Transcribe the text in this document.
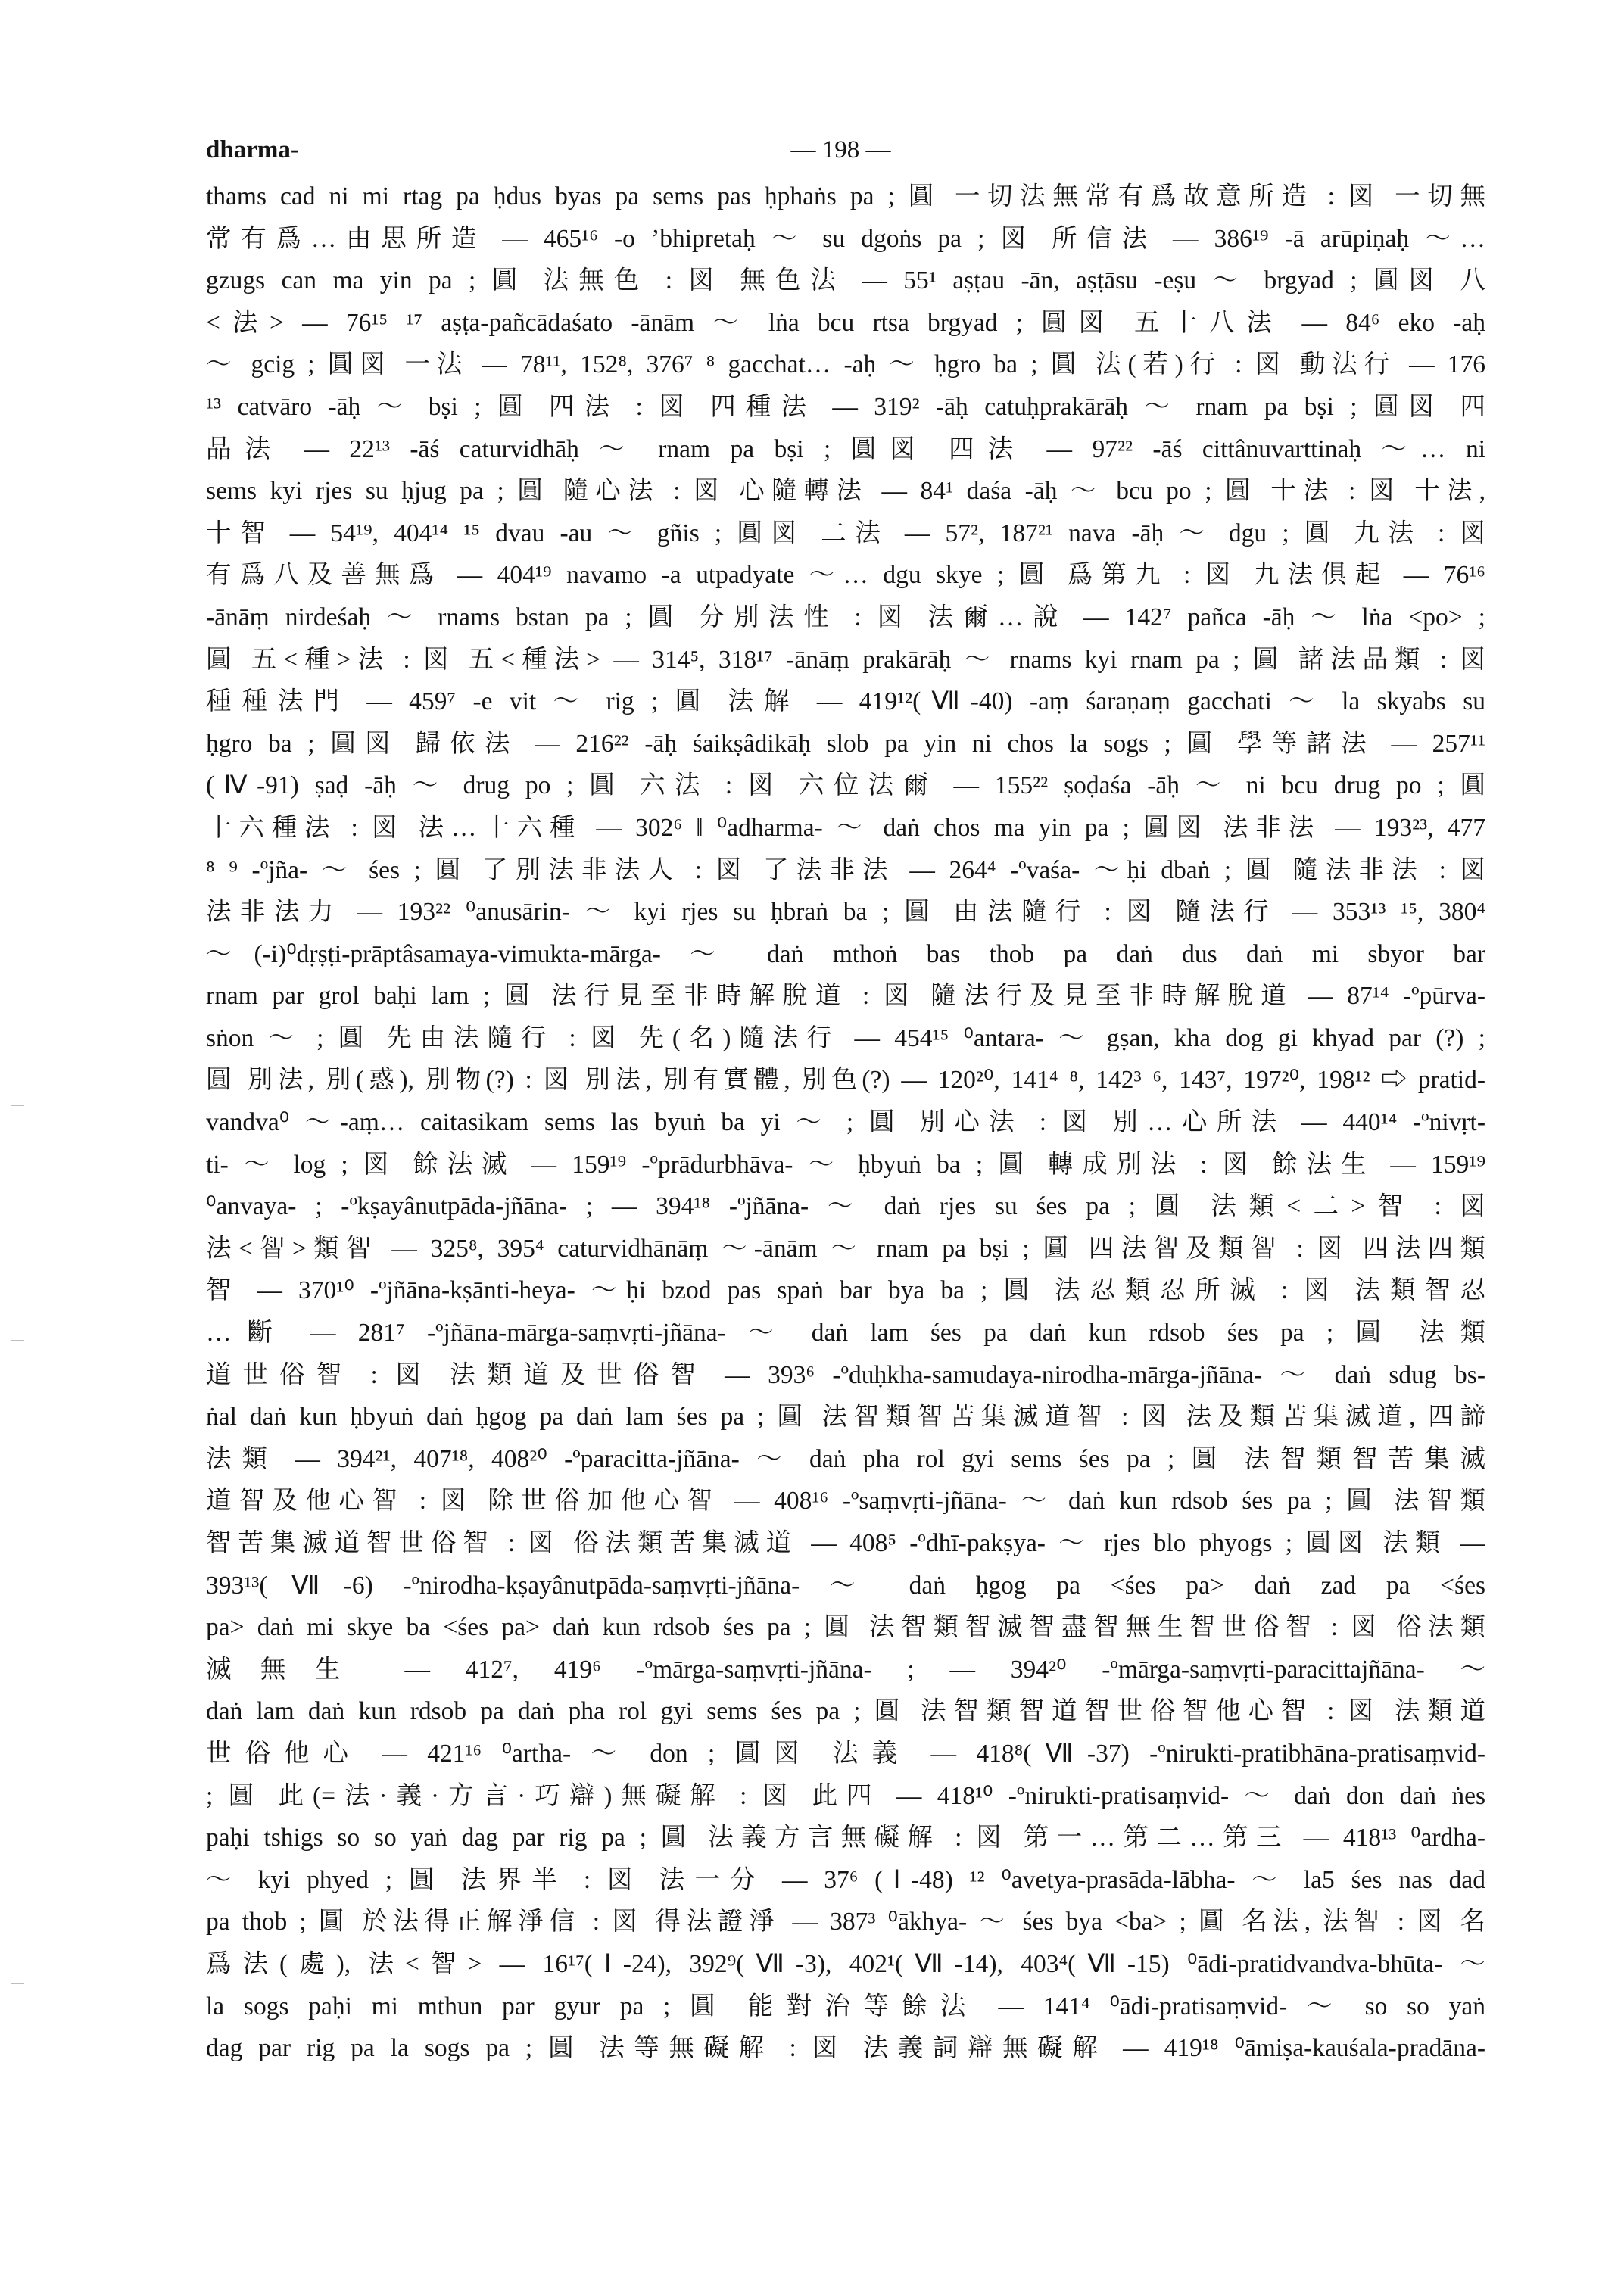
dharma-	— 198 —
thams cad ni mi rtag pa ḥdus byas pa sems pas ḥphaṅs pa ; 圓 一切法無常有爲故意所造 : 図 一切無
常有爲…由思所造 — 465¹⁶ -o ’bhipretaḥ ～ su dgoṅs pa ; 図 所信法 — 386¹⁹ -ā arūpiṇaḥ ～…
gzugs can ma yin pa ; 圓 法無色 : 図 無色法 — 55¹ aṣṭau -ān, aṣṭāsu -eṣu ～ brgyad ; 圓図 八
<法> — 76¹⁵ ¹⁷ aṣṭa-pañcādaśato -ānām ～ lṅa bcu rtsa brgyad ; 圓図 五十八法 — 84⁶ eko -aḥ
～ gcig ; 圓図 一法 — 78¹¹, 152⁸, 376⁷ ⁸ gacchat… -aḥ ～ ḥgro ba ; 圓 法(若)行 : 図 動法行 — 176
¹³ catvāro -āḥ ～ bṣi ; 圓 四法 : 図 四種法 — 319² -āḥ catuḥprakārāḥ ～ rnam pa bṣi ; 圓図 四
品法 — 22¹³ -āś caturvidhāḥ ～ rnam pa bṣi ; 圓図 四法 — 97²² -āś cittânuvarttinaḥ ～… ni
sems kyi rjes su ḥjug pa ; 圓 隨心法 : 図 心隨轉法 — 84¹ daśa -āḥ ～ bcu po ; 圓 十法 : 図 十法,
十智 — 54¹⁹, 404¹⁴ ¹⁵ dvau -au ～ gñis ; 圓図 二法 — 57², 187²¹ nava -āḥ ～ dgu ; 圓 九法 : 図
有爲八及善無爲 — 404¹⁹ navamo -a utpadyate ～… dgu skye ; 圓 爲第九 : 図 九法俱起 — 76¹⁶
-ānāṃ nirdeśaḥ ～ rnams bstan pa ; 圓 分別法性 : 図 法爾…說 — 142⁷ pañca -āḥ ～ lṅa <po> ;
圓 五<種>法 : 図 五<種法> — 314⁵, 318¹⁷ -ānāṃ prakārāḥ ～ rnams kyi rnam pa ; 圓 諸法品類 : 図
種種法門 — 459⁷ -e vit ～ rig ; 圓 法解 — 419¹²(Ⅶ-40) -aṃ śaraṇaṃ gacchati ～ la skyabs su
ḥgro ba ; 圓図 歸依法 — 216²² -āḥ śaikṣâdikāḥ slob pa yin ni chos la sogs ; 圓 學等諸法 — 257¹¹
(Ⅳ-91) ṣaḍ -āḥ ～ drug po ; 圓 六法 : 図 六位法爾 — 155²² ṣoḍaśa -āḥ ～ ni bcu drug po ; 圓
十六種法 : 図 法…十六種 — 302⁶ ‖ ⁰adharma- ～ daṅ chos ma yin pa ; 圓図 法非法 — 193²³, 477
⁸ ⁹ -ºjña- ～ śes ; 圓 了別法非法人 : 図 了法非法 — 264⁴ -ºvaśa- ～ḥi dbaṅ ; 圓 隨法非法 : 図
法非法力 — 193²² ⁰anusārin- ～ kyi rjes su ḥbraṅ ba ; 圓 由法隨行 : 図 隨法行 — 353¹³ ¹⁵, 380⁴
～(-i)⁰dṛṣṭi-prāptâsamaya-vimukta-mārga- ～ daṅ mthoṅ bas thob pa daṅ dus daṅ mi sbyor bar
rnam par grol baḥi lam ; 圓 法行見至非時解脫道 : 図 隨法行及見至非時解脫道 — 87¹⁴ -ºpūrva-
sṅon ～ ; 圓 先由法隨行 : 図 先(名)隨法行 — 454¹⁵ ⁰antara- ～ gṣan, kha dog gi khyad par (?) ;
圓 別法, 別(惑), 別物(?) : 図 別法, 別有實體, 別色(?) — 120²⁰, 141⁴ ⁸, 142³ ⁶, 143⁷, 197²⁰, 198¹² ⇨ pratid-
vandva⁰ ～-aṃ… caitasikam sems las byuṅ ba yi ～ ; 圓 別心法 : 図 別…心所法 — 440¹⁴ -ºnivṛt-
ti- ～ log ; 図 餘法滅 — 159¹⁹ -ºprādurbhāva- ～ ḥbyuṅ ba ; 圓 轉成別法 : 図 餘法生 — 159¹⁹
⁰anvaya- ; -ºkṣayânutpāda-jñāna- ; — 394¹⁸ -ºjñāna- ～ daṅ rjes su śes pa ; 圓 法類<二>智 : 図
法<智>類智 — 325⁸, 395⁴ caturvidhānāṃ ～-ānām ～ rnam pa bṣi ; 圓 四法智及類智 : 図 四法四類
智 — 370¹⁰ -ºjñāna-kṣānti-heya- ～ḥi bzod pas spaṅ bar bya ba ; 圓 法忍類忍所滅 : 図 法類智忍
…斷 — 281⁷ -ºjñāna-mārga-saṃvṛti-jñāna- ～ daṅ lam śes pa daṅ kun rdsob śes pa ; 圓 法類
道世俗智 : 図 法類道及世俗智 — 393⁶ -ºduḥkha-samudaya-nirodha-mārga-jñāna- ～ daṅ sdug bs-
ṅal daṅ kun ḥbyuṅ daṅ ḥgog pa daṅ lam śes pa ; 圓 法智類智苦集滅道智 : 図 法及類苦集滅道, 四諦
法類 — 394²¹, 407¹⁸, 408²⁰ -ºparacitta-jñāna- ～ daṅ pha rol gyi sems śes pa ; 圓 法智類智苦集滅
道智及他心智 : 図 除世俗加他心智 — 408¹⁶ -ºsaṃvṛti-jñāna- ～ daṅ kun rdsob śes pa ; 圓 法智類
智苦集滅道智世俗智 : 図 俗法類苦集滅道 — 408⁵ -ºdhī-pakṣya- ～ rjes blo phyogs ; 圓図 法類 —
393¹³(Ⅶ-6) -ºnirodha-kṣayânutpāda-saṃvṛti-jñāna- ～ daṅ ḥgog pa <śes pa> daṅ zad pa <śes
pa> daṅ mi skye ba <śes pa> daṅ kun rdsob śes pa ; 圓 法智類智滅智盡智無生智世俗智 : 図 俗法類
滅無生 — 412⁷, 419⁶ -ºmārga-saṃvṛti-jñāna- ; — 394²⁰ -ºmārga-saṃvṛti-paracittajñāna- ～
daṅ lam daṅ kun rdsob pa daṅ pha rol gyi sems śes pa ; 圓 法智類智道智世俗智他心智 : 図 法類道
世俗他心 — 421¹⁶ ⁰artha- ～ don ; 圓図 法義 — 418⁸(Ⅶ-37) -ºnirukti-pratibhāna-pratisaṃvid-
; 圓 此(=法·義·方言·巧辯)無礙解 : 図 此四 — 418¹⁰ -ºnirukti-pratisaṃvid- ～ daṅ don daṅ ṅes
paḥi tshigs so so yaṅ dag par rig pa ; 圓 法義方言無礙解 : 図 第一…第二…第三 — 418¹³ ⁰ardha-
～ kyi phyed ; 圓 法界半 : 図 法一分 — 37⁶ (Ⅰ-48) ¹² ⁰avetya-prasāda-lābha- ～ la5 śes nas dad
pa thob ; 圓 於法得正解淨信 : 図 得法證淨 — 387³ ⁰ākhya- ～ śes bya <ba> ; 圓 名法, 法智 : 図 名
爲法(處), 法<智> — 16¹⁷(Ⅰ-24), 392⁹(Ⅶ-3), 402¹(Ⅶ-14), 403⁴(Ⅶ-15) ⁰ādi-pratidvandva-bhūta- ～
la sogs paḥi mi mthun par gyur pa ; 圓 能對治等餘法 — 141⁴ ⁰ādi-pratisaṃvid- ～ so so yaṅ
dag par rig pa la sogs pa ; 圓 法等無礙解 : 図 法義詞辯無礙解 — 419¹⁸ ⁰āmiṣa-kauśala-pradāna-
